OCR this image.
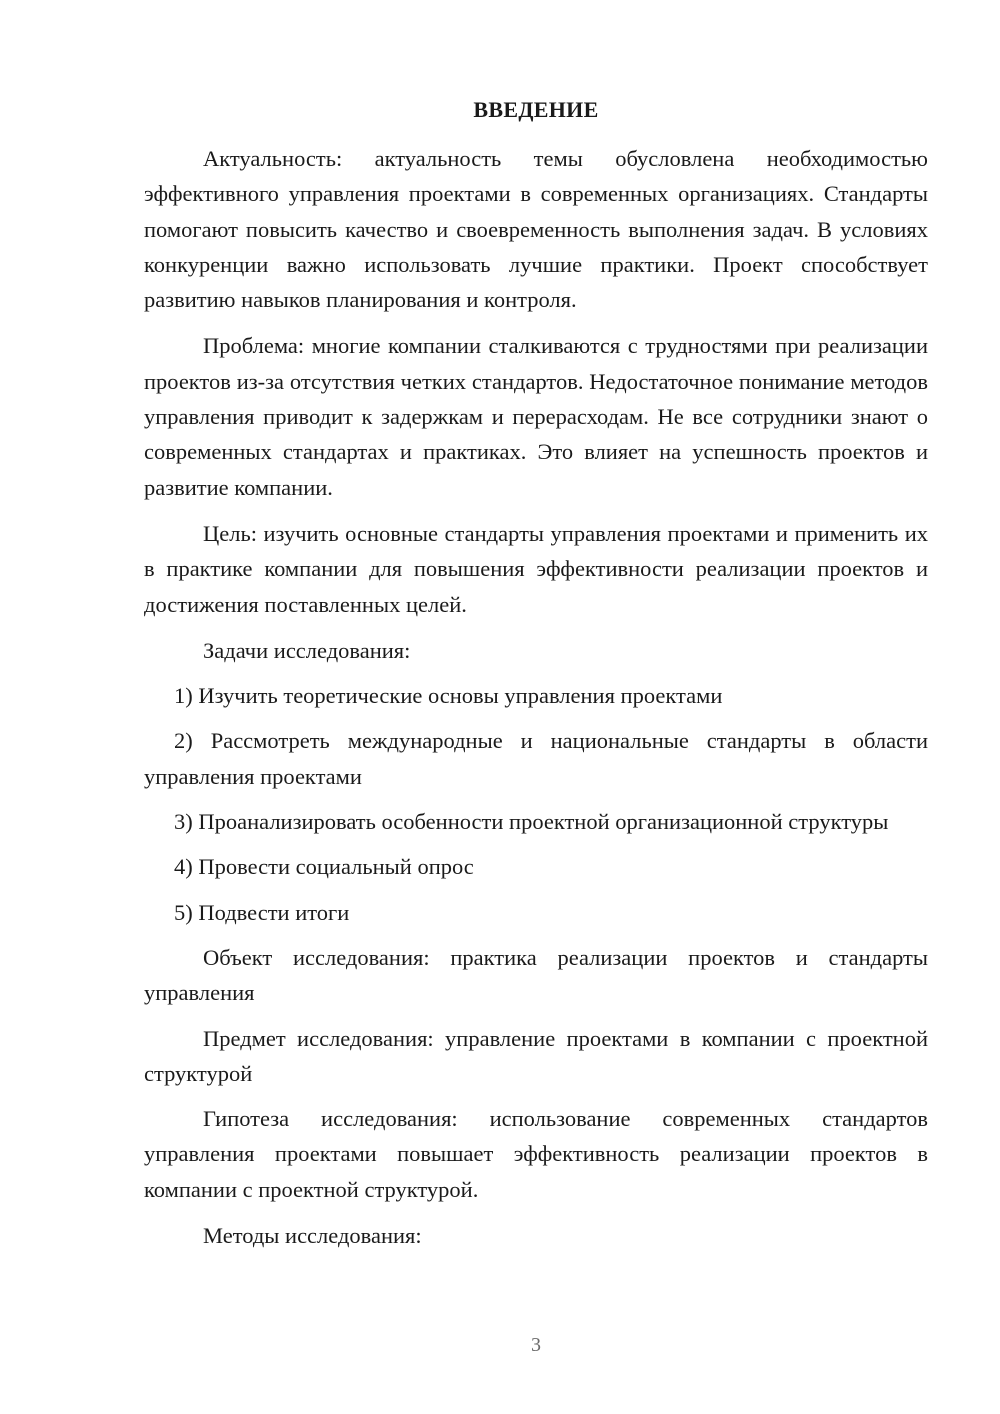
ВВЕДЕНИЕ

Актуальность: актуальность темы обусловлена необходимостью эффективного управления проектами в современных организациях. Стандарты помогают повысить качество и своевременность выполнения задач. В условиях конкуренции важно использовать лучшие практики. Проект способствует развитию навыков планирования и контроля.

Проблема: многие компании сталкиваются с трудностями при реализации проектов из-за отсутствия четких стандартов. Недостаточное понимание методов управления приводит к задержкам и перерасходам. Не все сотрудники знают о современных стандартах и практиках. Это влияет на успешность проектов и развитие компании.

Цель: изучить основные стандарты управления проектами и применить их в практике компании для повышения эффективности реализации проектов и достижения поставленных целей.

Задачи исследования:

1) Изучить теоретические основы управления проектами

2) Рассмотреть международные и национальные стандарты в области управления проектами

3) Проанализировать особенности проектной организационной структуры

4) Провести социальный опрос

5) Подвести итоги

Объект исследования: практика реализации проектов и стандарты управления

Предмет исследования: управление проектами в компании с проектной структурой

Гипотеза исследования: использование современных стандартов управления проектами повышает эффективность реализации проектов в компании с проектной структурой.

Методы исследования:

3
